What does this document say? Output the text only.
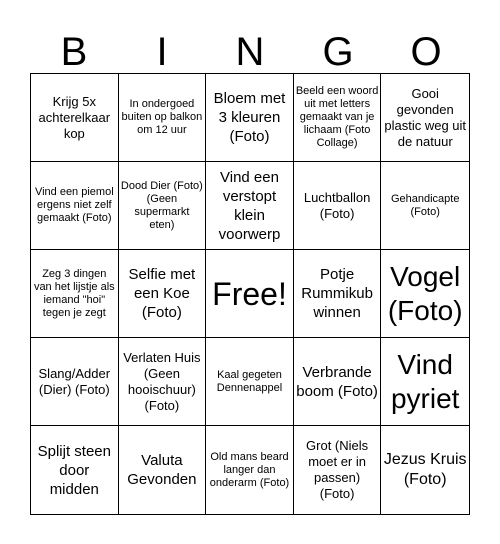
B	I	N	G	O
Krijg 5x achterelkaar kop
In ondergoed buiten op balkon om 12 uur
Bloem met 3 kleuren (Foto)
Beeld een woord uit met letters gemaakt van je lichaam (Foto Collage)
Gooi gevonden plastic weg uit de natuur
Vind een piemol ergens niet zelf gemaakt (Foto)
Dood Dier (Foto) (Geen supermarkt eten)
Vind een verstopt klein voorwerp
Luchtballon (Foto)
Gehandicapte (Foto)
Zeg 3 dingen van het lijstje als iemand "hoi" tegen je zegt
Selfie met een Koe (Foto)
Free!
Potje Rummikub winnen
Vogel (Foto)
Slang/Adder (Dier) (Foto)
Verlaten Huis (Geen hooischuur) (Foto)
Kaal gegeten Dennenappel
Verbrande boom (Foto)
Vind pyriet
Splijt steen door midden
Valuta Gevonden
Old mans beard langer dan onderarm (Foto)
Grot (Niels moet er in passen) (Foto)
Jezus Kruis (Foto)
